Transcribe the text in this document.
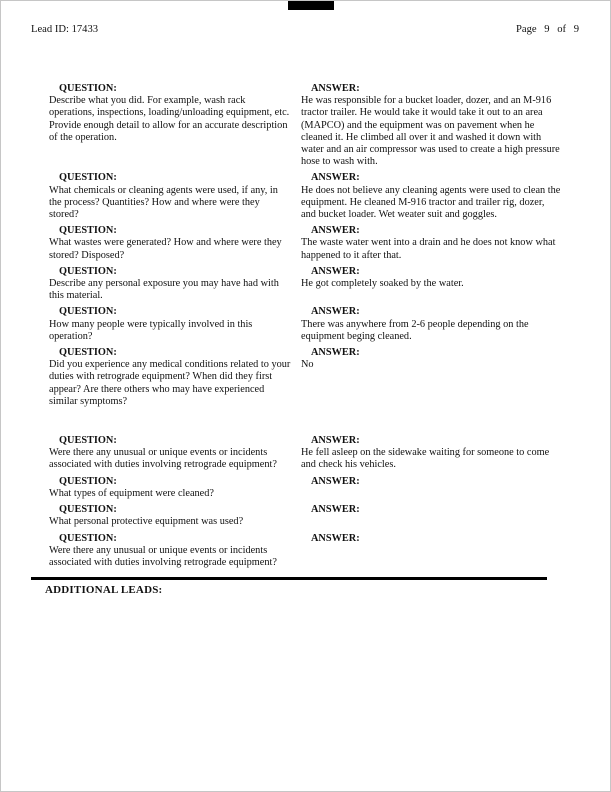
Lead ID: 17433	Page 9 of 9
QUESTION:
Describe what you did. For example, wash rack operations, inspections, loading/unloading equipment, etc. Provide enough detail to allow for an accurate description of the operation.
ANSWER:
He was responsible for a bucket loader, dozer, and an M-916 tractor trailer. He would take it would take it out to an area (MAPCO) and the equipment was on pavement when he cleaned it. He climbed all over it and washed it down with water and an air compressor was used to create a high pressure hose to wash with.
QUESTION:
What chemicals or cleaning agents were used, if any, in the process? Quantities? How and where were they stored?
ANSWER:
He does not believe any cleaning agents were used to clean the equipment. He cleaned M-916 tractor and trailer rig, dozer, and bucket loader. Wet weater suit and goggles.
QUESTION:
What wastes were generated? How and where were they stored? Disposed?
ANSWER:
The waste water went into a drain and he does not know what happened to it after that.
QUESTION:
Describe any personal exposure you may have had with this material.
ANSWER:
He got completely soaked by the water.
QUESTION:
How many people were typically involved in this operation?
ANSWER:
There was anywhere from 2-6 people depending on the equipment beging cleaned.
QUESTION:
Did you experience any medical conditions related to your duties with retrograde equipment? When did they first appear? Are there others who may have experienced similar symptoms?
ANSWER:
No
QUESTION:
Were there any unusual or unique events or incidents associated with duties involving retrograde equipment?
ANSWER:
He fell asleep on the sidewake waiting for someone to come and check his vehicles.
QUESTION:
What types of equipment were cleaned?
ANSWER:
QUESTION:
What personal protective equipment was used?
ANSWER:
QUESTION:
Were there any unusual or unique events or incidents associated with duties involving retrograde equipment?
ANSWER:
ADDITIONAL LEADS:
